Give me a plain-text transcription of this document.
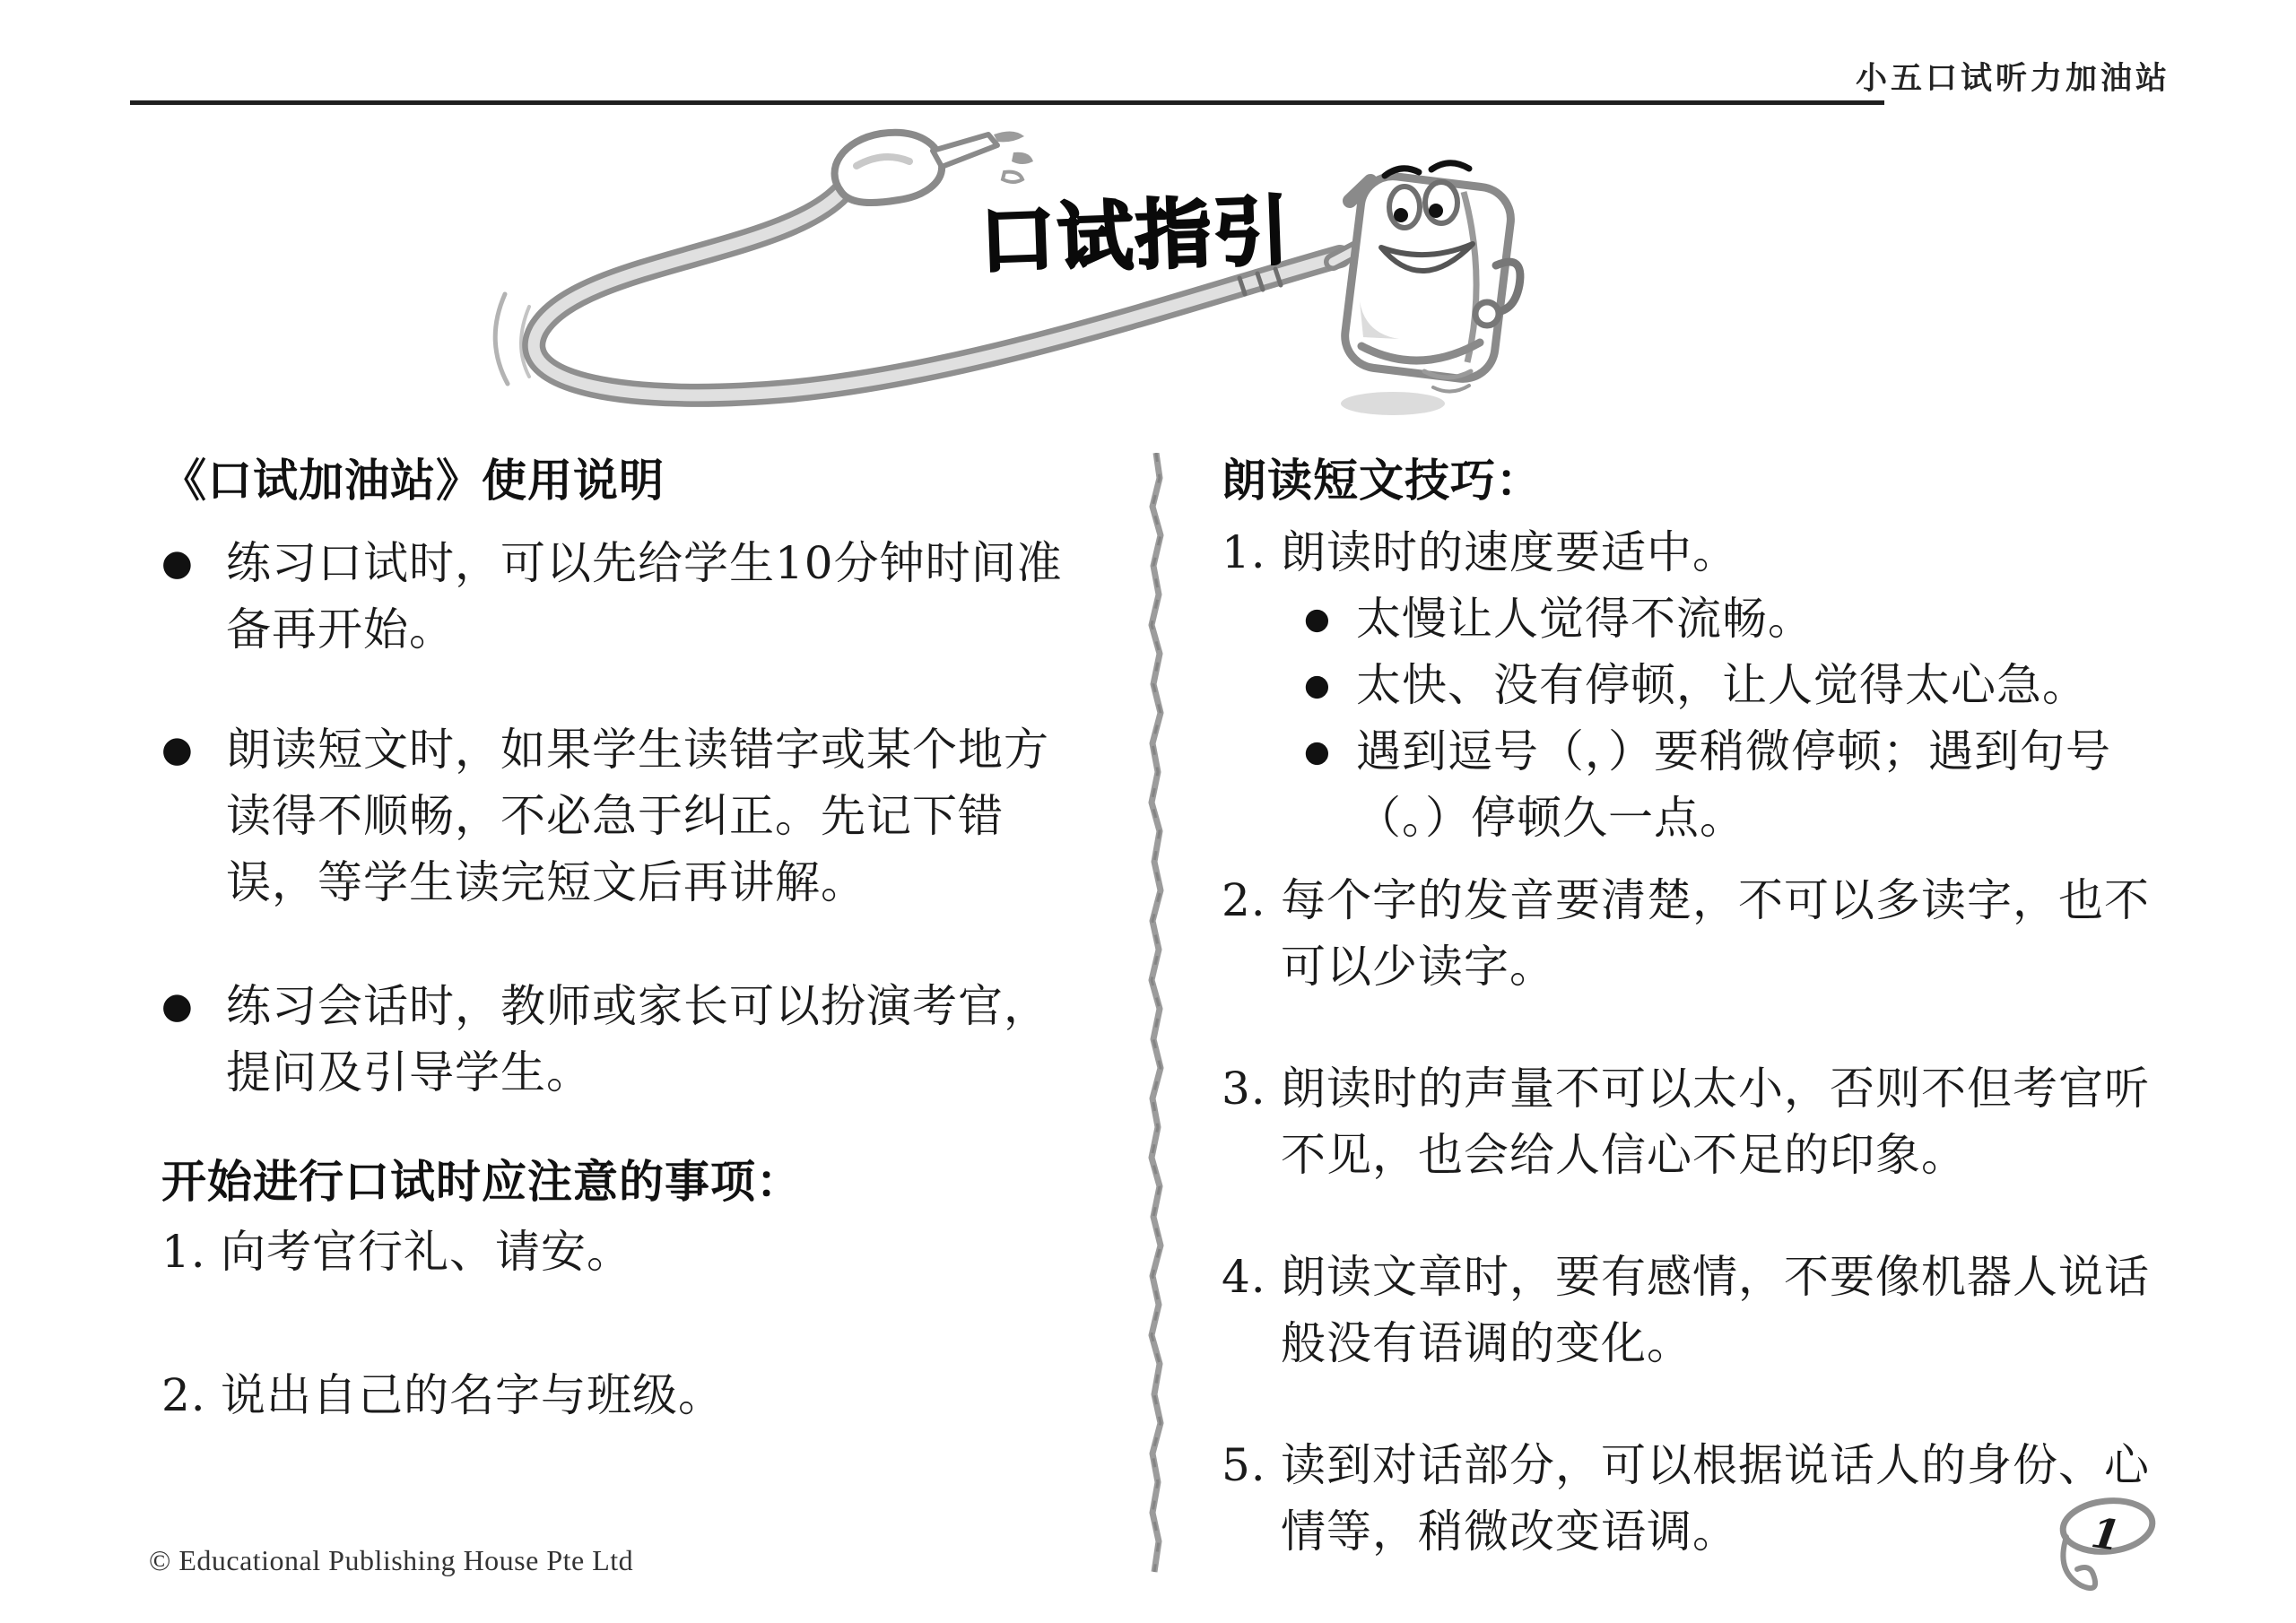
小五口试听力加油站
口试指引
《口试加油站》使用说明
● 练习口试时，可以先给学生10分钟时间准备再开始。
● 朗读短文时，如果学生读错字或某个地方读得不顺畅，不必急于纠正。先记下错误，等学生读完短文后再讲解。
● 练习会话时，教师或家长可以扮演考官，提问及引导学生。
开始进行口试时应注意的事项：
1. 向考官行礼、请安。
2. 说出自己的名字与班级。
朗读短文技巧：
1. 朗读时的速度要适中。
● 太慢让人觉得不流畅。
● 太快、没有停顿，让人觉得太心急。
● 遇到逗号（，）要稍微停顿；遇到句号（。）停顿久一点。
2. 每个字的发音要清楚，不可以多读字，也不可以少读字。
3. 朗读时的声量不可以太小，否则不但考官听不见，也会给人信心不足的印象。
4. 朗读文章时，要有感情，不要像机器人说话般没有语调的变化。
5. 读到对话部分，可以根据说话人的身份、心情等，稍微改变语调。
© Educational Publishing House Pte Ltd
1
